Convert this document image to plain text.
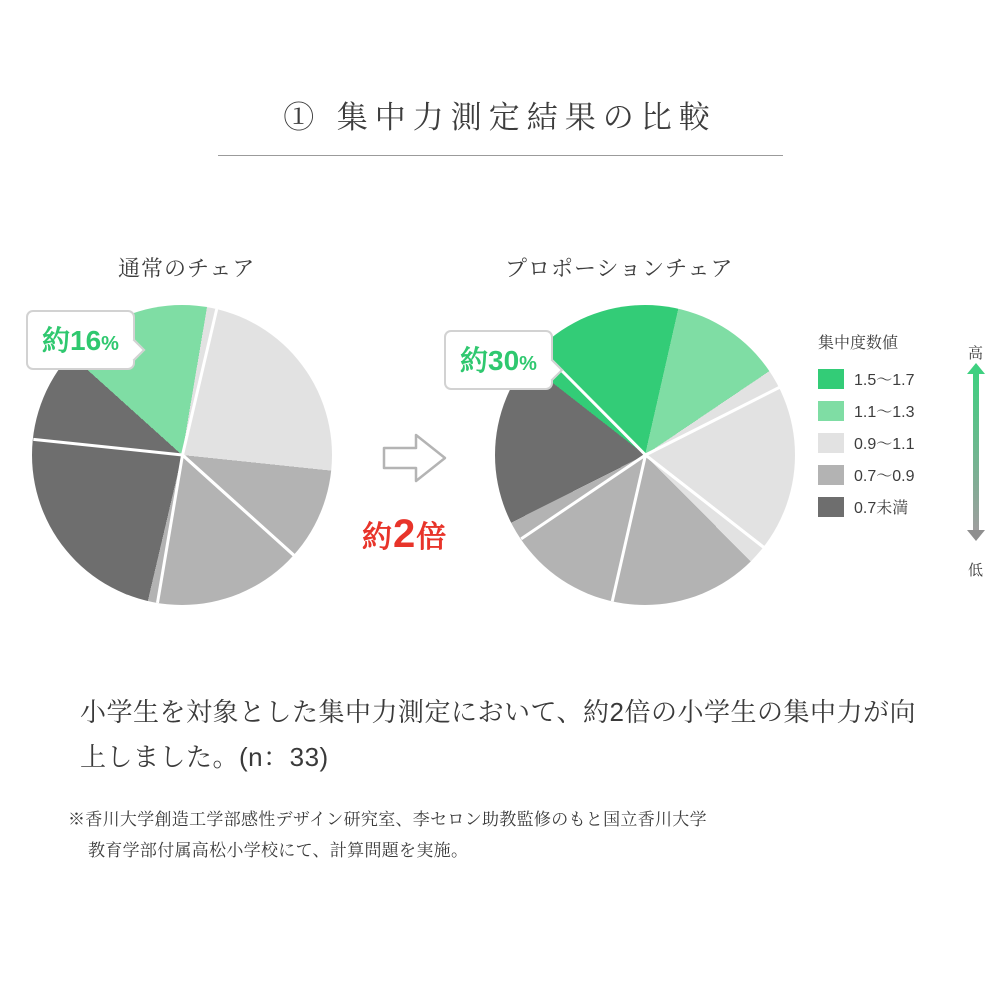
① 集中力測定結果の比較
通常のチェア	プロポーションチェア
約16%
約30%
約2倍
集中度数値
1.5〜1.7
1.1〜1.3
0.9〜1.1
0.7〜0.9
0.7未満
高
低
小学生を対象とした集中力測定において、約2倍の小学生の集中力が向上しました。(n：33)
※香川大学創造工学部感性デザイン研究室、李セロン助教監修のもと国立香川大学
教育学部付属高松小学校にて、計算問題を実施。
